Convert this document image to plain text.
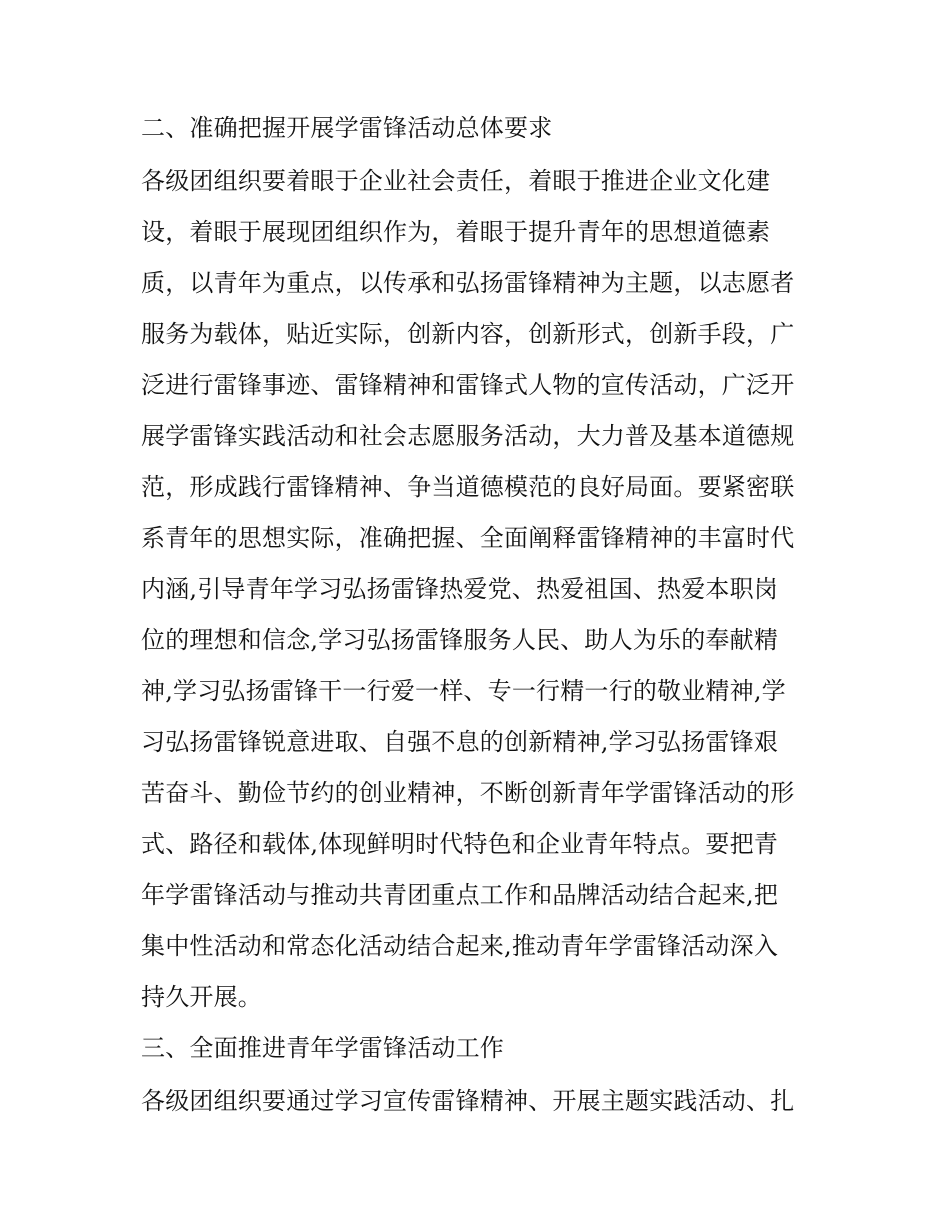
二、准确把握开展学雷锋活动总体要求
各级团组织要着眼于企业社会责任，着眼于推进企业文化建
设，着眼于展现团组织作为，着眼于提升青年的思想道德素
质，以青年为重点，以传承和弘扬雷锋精神为主题，以志愿者
服务为载体，贴近实际，创新内容，创新形式，创新手段，广
泛进行雷锋事迹、雷锋精神和雷锋式人物的宣传活动，广泛开
展学雷锋实践活动和社会志愿服务活动，大力普及基本道德规
范，形成践行雷锋精神、争当道德模范的良好局面。要紧密联
系青年的思想实际，准确把握、全面阐释雷锋精神的丰富时代
内涵,引导青年学习弘扬雷锋热爱党、热爱祖国、热爱本职岗
位的理想和信念,学习弘扬雷锋服务人民、助人为乐的奉献精
神,学习弘扬雷锋干一行爱一样、专一行精一行的敬业精神,学
习弘扬雷锋锐意进取、自强不息的创新精神,学习弘扬雷锋艰
苦奋斗、勤俭节约的创业精神，不断创新青年学雷锋活动的形
式、路径和载体,体现鲜明时代特色和企业青年特点。要把青
年学雷锋活动与推动共青团重点工作和品牌活动结合起来,把
集中性活动和常态化活动结合起来,推动青年学雷锋活动深入
持久开展。
三、全面推进青年学雷锋活动工作
各级团组织要通过学习宣传雷锋精神、开展主题实践活动、扎
